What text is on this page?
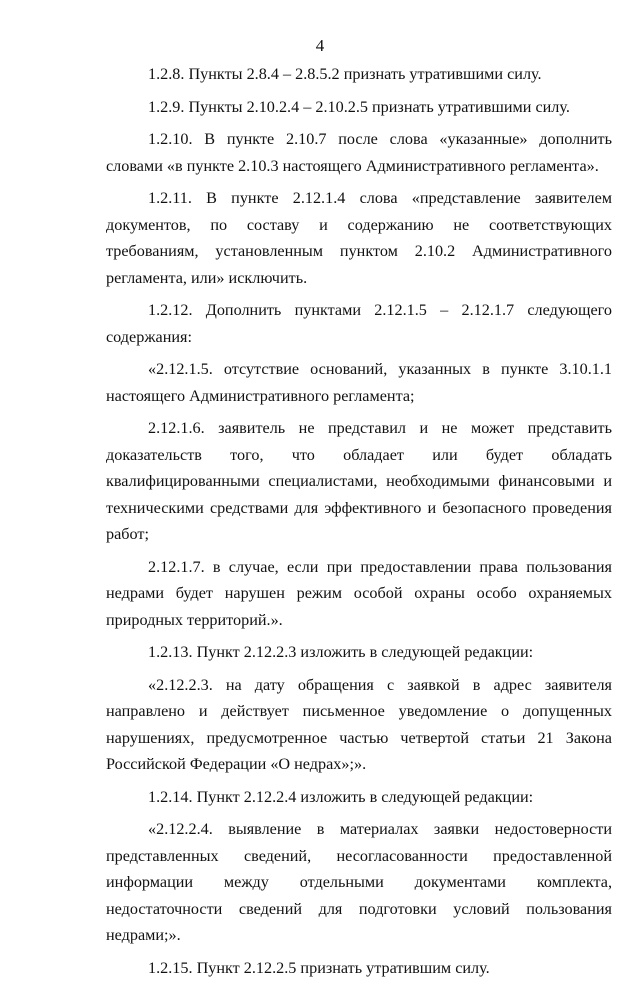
4

1.2.8. Пункты 2.8.4 – 2.8.5.2 признать утратившими силу.

1.2.9. Пункты 2.10.2.4 – 2.10.2.5 признать утратившими силу.

1.2.10. В пункте 2.10.7 после слова «указанные» дополнить словами «в пункте 2.10.3 настоящего Административного регламента».

1.2.11. В пункте 2.12.1.4 слова «представление заявителем документов, по составу и содержанию не соответствующих требованиям, установленным пунктом 2.10.2 Административного регламента, или» исключить.

1.2.12. Дополнить пунктами 2.12.1.5 – 2.12.1.7 следующего содержания:

«2.12.1.5. отсутствие оснований, указанных в пункте 3.10.1.1 настоящего Административного регламента;

2.12.1.6. заявитель не представил и не может представить доказательств того, что обладает или будет обладать квалифицированными специалистами, необходимыми финансовыми и техническими средствами для эффективного и безопасного проведения работ;

2.12.1.7. в случае, если при предоставлении права пользования недрами будет нарушен режим особой охраны особо охраняемых природных территорий.».

1.2.13. Пункт 2.12.2.3 изложить в следующей редакции:

«2.12.2.3. на дату обращения с заявкой в адрес заявителя направлено и действует письменное уведомление о допущенных нарушениях, предусмотренное частью четвертой статьи 21 Закона Российской Федерации «О недрах»;».

1.2.14. Пункт 2.12.2.4 изложить в следующей редакции:

«2.12.2.4. выявление в материалах заявки недостоверности представленных сведений, несогласованности предоставленной информации между отдельными документами комплекта, недостаточности сведений для подготовки условий пользования недрами;».

1.2.15. Пункт 2.12.2.5 признать утратившим силу.
